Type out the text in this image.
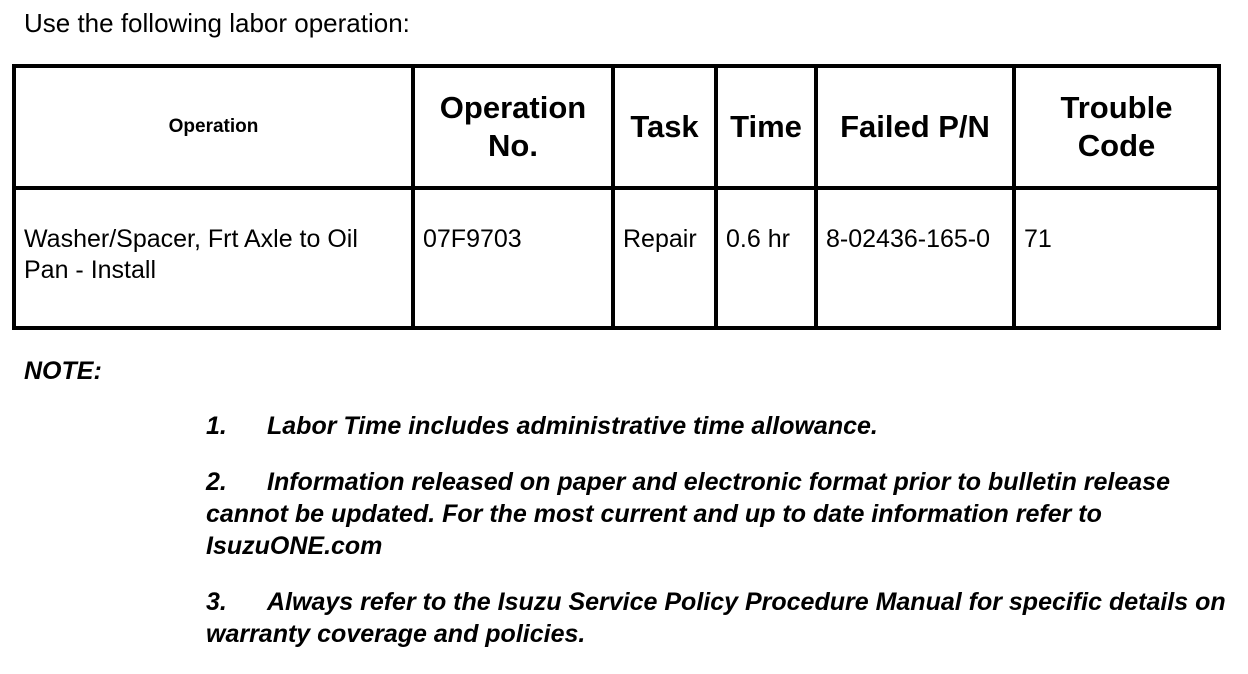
Use the following labor operation:
Operation	Operation No.	Task	Time	Failed P/N	Trouble Code
Washer/Spacer, Frt Axle to Oil Pan - Install	07F9703	Repair	0.6 hr	8-02436-165-0	71
NOTE:
1. Labor Time includes administrative time allowance.
2. Information released on paper and electronic format prior to bulletin release cannot be updated. For the most current and up to date information refer to IsuzuONE.com
3. Always refer to the Isuzu Service Policy Procedure Manual for specific details on warranty coverage and policies.
